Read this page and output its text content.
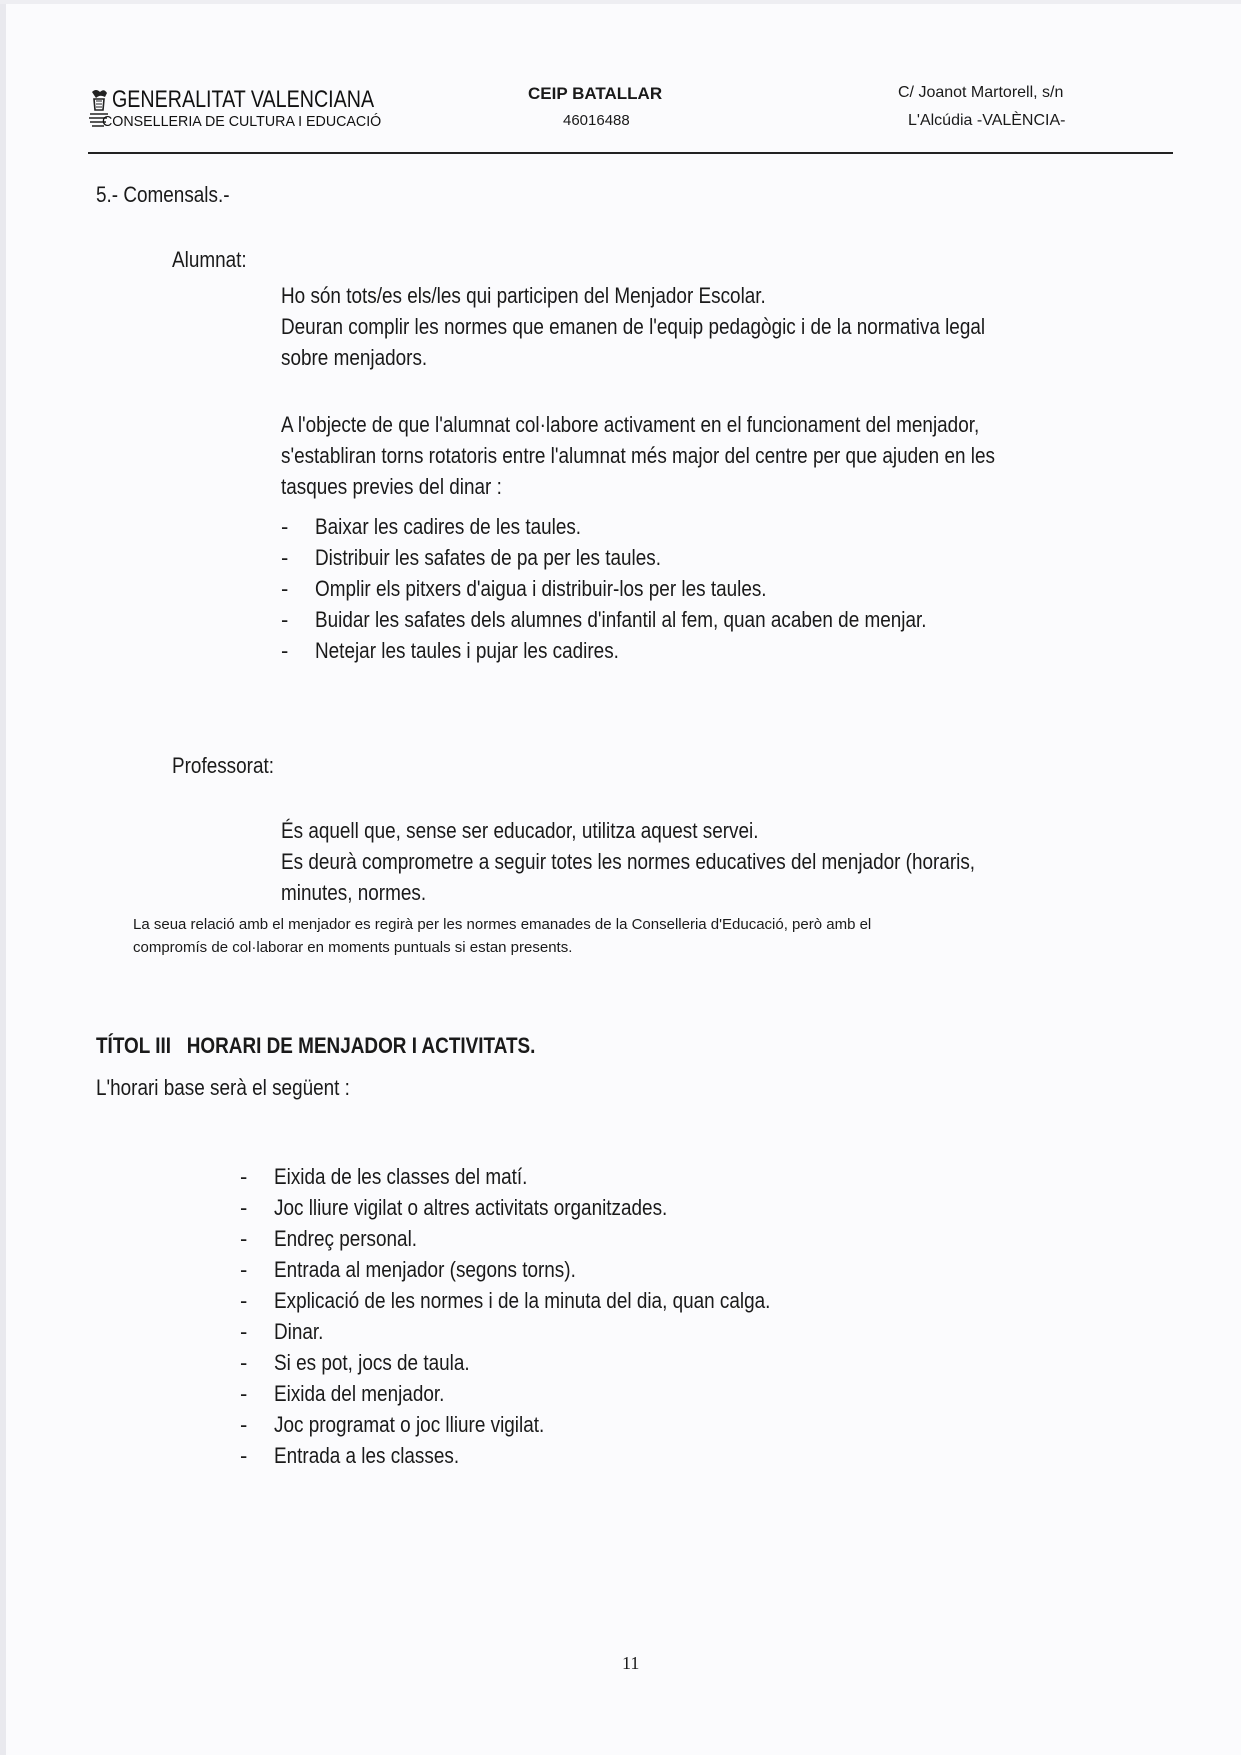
GENERALITAT VALENCIANA
CONSELLERIA DE CULTURA I EDUCACIÓ
CEIP BATALLAR
46016488
C/ Joanot Martorell, s/n
L'Alcúdia -VALÈNCIA-
5.- Comensals.-
Alumnat:
Ho són tots/es els/les qui participen del Menjador Escolar.
Deuran complir les normes que emanen de l'equip pedagògic i de la normativa legal
sobre menjadors.
A l'objecte de que l'alumnat col·labore activament en el funcionament del menjador,
s'establiran torns rotatoris entre l'alumnat més major del centre per que ajuden en les
tasques previes del dinar :
- Baixar les cadires de les taules.
- Distribuir les safates de pa per les taules.
- Omplir els pitxers d'aigua i distribuir-los per les taules.
- Buidar les safates dels alumnes d'infantil al fem, quan acaben de menjar.
- Netejar les taules i pujar les cadires.
Professorat:
És aquell que, sense ser educador, utilitza aquest servei.
Es deurà comprometre a seguir totes les normes educatives del menjador (horaris,
minutes, normes.
La seua relació amb el menjador es regirà per les normes emanades de la Conselleria d'Educació, però amb el
compromís de col·laborar en moments puntuals si estan presents.
TÍTOL III   HORARI DE MENJADOR I ACTIVITATS.
L'horari base serà el següent :
- Eixida de les classes del matí.
- Joc lliure vigilat o altres activitats organitzades.
- Endreç personal.
- Entrada al menjador (segons torns).
- Explicació de les normes i de la minuta del dia, quan calga.
- Dinar.
- Si es pot, jocs de taula.
- Eixida del menjador.
- Joc programat o joc lliure vigilat.
- Entrada a les classes.
11
